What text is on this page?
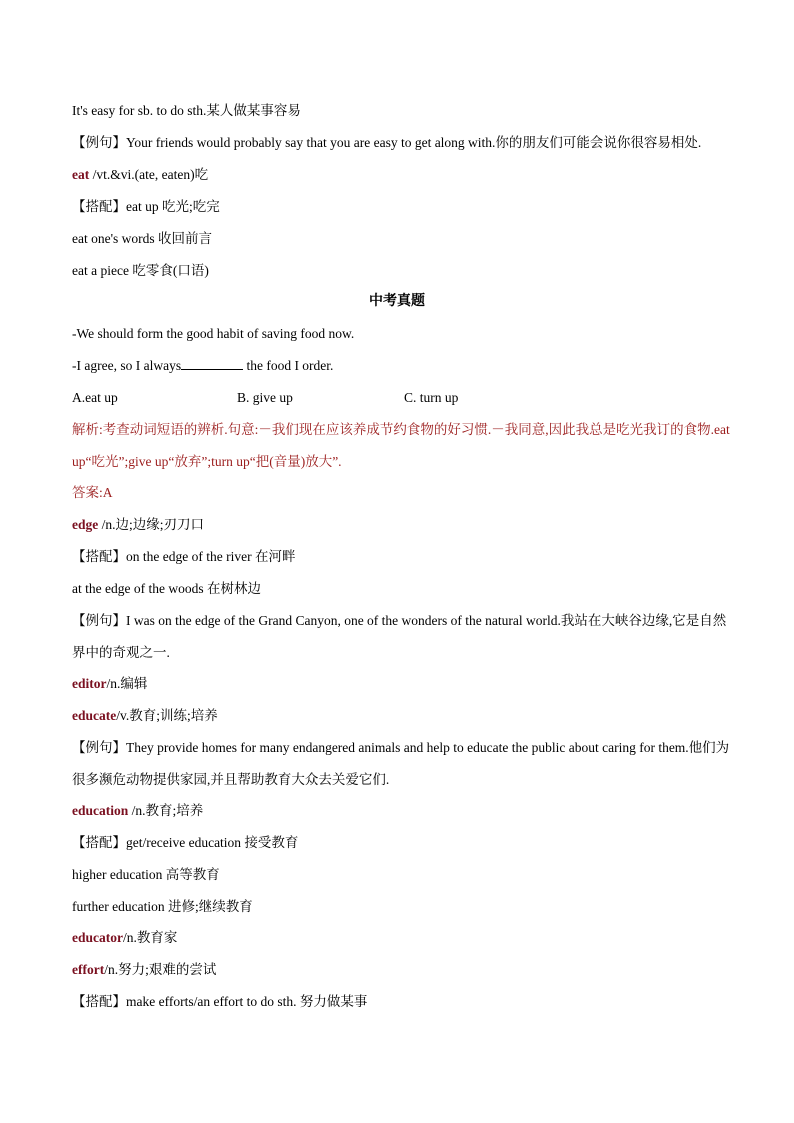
It's easy for sb. to do sth.某人做某事容易
【例句】Your friends would probably say that you are easy to get along with.你的朋友们可能会说你很容易相处.
eat /vt.&vi.(ate, eaten)吃
【搭配】eat up 吃光;吃完
eat one's words 收回前言
eat a piece 吃零食(口语)
中考真题
-We should form the good habit of saving food now.
-I agree, so I always	the food I order.
A.eat up	B. give up	C. turn up
解析:考查动词短语的辨析.句意:－我们现在应该养成节约食物的好习惯.－我同意,因此我总是吃光我订的食物.eat up“吃光”;give up“放弃”;turn up“把(音量)放大”.
答案:A
edge /n.边;边缘;刃刀口
【搭配】on the edge of the river 在河畔
at the edge of the woods 在树林边
【例句】I was on the edge of the Grand Canyon, one of the wonders of the natural world.我站在大峡谷边缘,它是自然界中的奇观之一.
editor/n.编辑
educate/v.教育;训练;培养
【例句】They provide homes for many endangered animals and help to educate the public about caring for them.他们为很多濒危动物提供家园,并且帮助教育大众去关爱它们.
education /n.教育;培养
【搭配】get/receive education 接受教育
higher education 高等教育
further education 进修;继续教育
educator/n.教育家
effort/n.努力;艰难的尝试
【搭配】make efforts/an effort to do sth. 努力做某事
